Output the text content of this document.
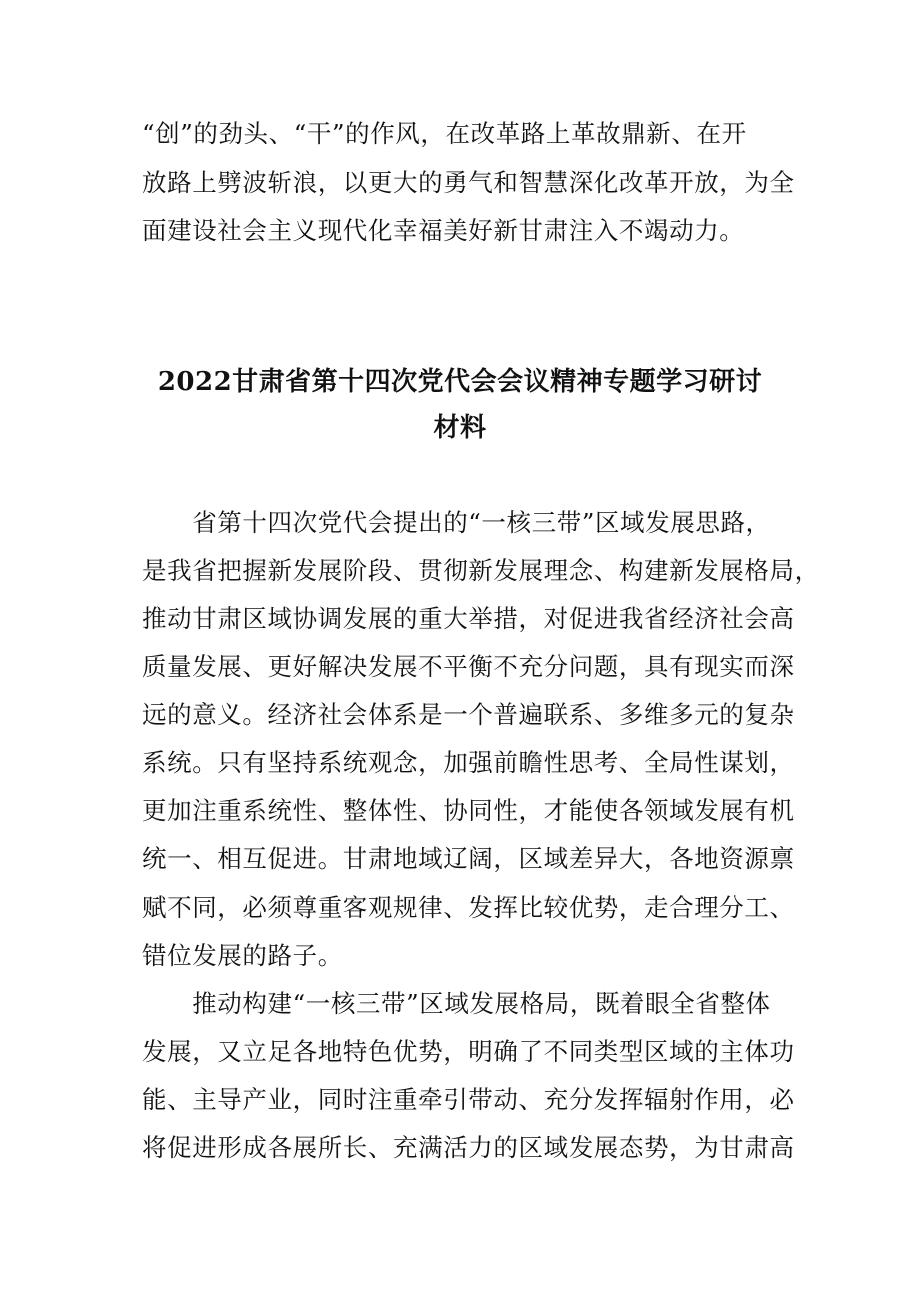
“创”的劲头、“干”的作风，在改革路上革故鼎新、在开
放路上劈波斩浪，以更大的勇气和智慧深化改革开放，为全
面建设社会主义现代化幸福美好新甘肃注入不竭动力。
2022甘肃省第十四次党代会会议精神专题学习研讨
材料
　　省第十四次党代会提出的“一核三带”区域发展思路，
是我省把握新发展阶段、贯彻新发展理念、构建新发展格局，
推动甘肃区域协调发展的重大举措，对促进我省经济社会高
质量发展、更好解决发展不平衡不充分问题，具有现实而深
远的意义。经济社会体系是一个普遍联系、多维多元的复杂
系统。只有坚持系统观念，加强前瞻性思考、全局性谋划，
更加注重系统性、整体性、协同性，才能使各领域发展有机
统一、相互促进。甘肃地域辽阔，区域差异大，各地资源禀
赋不同，必须尊重客观规律、发挥比较优势，走合理分工、
错位发展的路子。
　　推动构建“一核三带”区域发展格局，既着眼全省整体
发展，又立足各地特色优势，明确了不同类型区域的主体功
能、主导产业，同时注重牵引带动、充分发挥辐射作用，必
将促进形成各展所长、充满活力的区域发展态势，为甘肃高
